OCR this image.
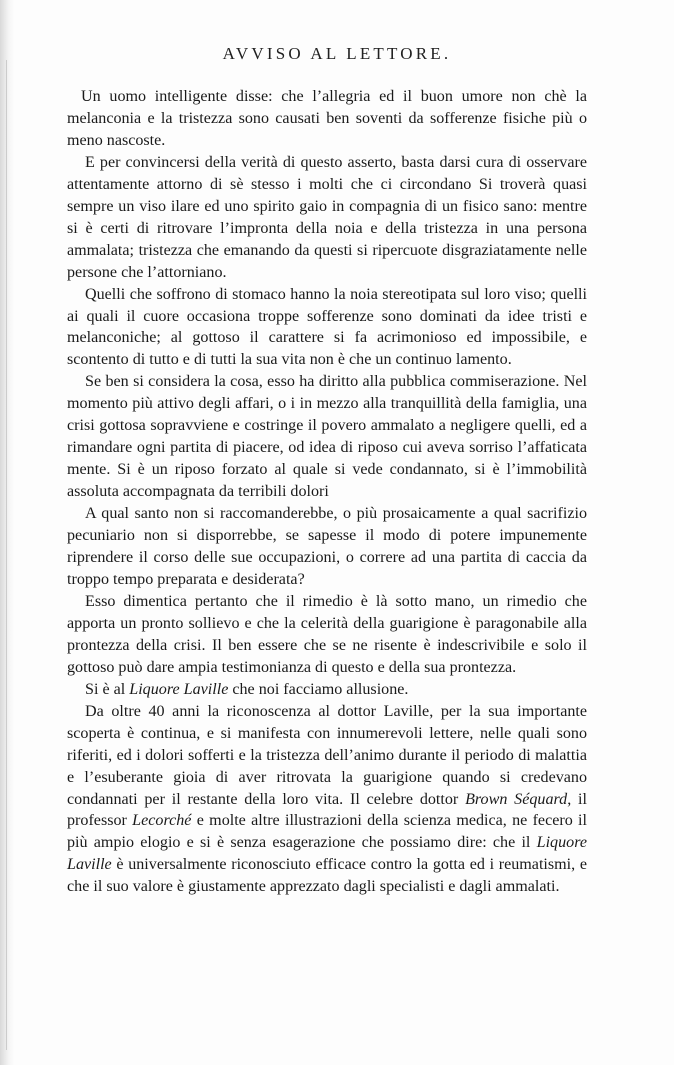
AVVISO AL LETTORE.

Un uomo intelligente disse: che l’allegria ed il buon umore non chè la melanconia e la tristezza sono causati ben soventi da sofferenze fisiche più o meno nascoste.

E per convincersi della verità di questo asserto, basta darsi cura di osservare attentamente attorno di sè stesso i molti che ci circondano Si troverà quasi sempre un viso ilare ed uno spirito gaio in compagnia di un fisico sano: mentre si è certi di ritrovare l’impronta della noia e della tristezza in una persona ammalata; tristezza che emanando da questi si ripercuote disgraziatamente nelle persone che l’attorniano.

Quelli che soffrono di stomaco hanno la noia stereotipata sul loro viso; quelli ai quali il cuore occasiona troppe sofferenze sono dominati da idee tristi e melanconiche; al gottoso il carattere si fa acrimonioso ed impossibile, e scontento di tutto e di tutti la sua vita non è che un continuo lamento.

Se ben si considera la cosa, esso ha diritto alla pubblica commiserazione. Nel momento più attivo degli affari, o i in mezzo alla tranquillità della famiglia, una crisi gottosa sopravviene e costringe il povero ammalato a negligere quelli, ed a rimandare ogni partita di piacere, od idea di riposo cui aveva sorriso l’affaticata mente. Si è un riposo forzato al quale si vede condannato, si è l’immobilità assoluta accompagnata da terribili dolori

A qual santo non si raccomanderebbe, o più prosaicamente a qual sacrifizio pecuniario non si disporrebbe, se sapesse il modo di potere impunemente riprendere il corso delle sue occupazioni, o correre ad una partita di caccia da troppo tempo preparata e desiderata?

Esso dimentica pertanto che il rimedio è là sotto mano, un rimedio che apporta un pronto sollievo e che la celerità della guarigione è paragonabile alla prontezza della crisi. Il ben essere che se ne risente è indescrivibile e solo il gottoso può dare ampia testimonianza di questo e della sua prontezza.

Si è al Liquore Laville che noi facciamo allusione.

Da oltre 40 anni la riconoscenza al dottor Laville, per la sua importante scoperta è continua, e si manifesta con innumerevoli lettere, nelle quali sono riferiti, ed i dolori sofferti e la tristezza dell’animo durante il periodo di malattia e l’esuberante gioia di aver ritrovata la guarigione quando si credevano condannati per il restante della loro vita. Il celebre dottor Brown Séquard, il professor Lecorché e molte altre illustrazioni della scienza medica, ne fecero il più ampio elogio e si è senza esagerazione che possiamo dire: che il Liquore Laville è universalmente riconosciuto efficace contro la gotta ed i reumatismi, e che il suo valore è giustamente apprezzato dagli specialisti e dagli ammalati.
